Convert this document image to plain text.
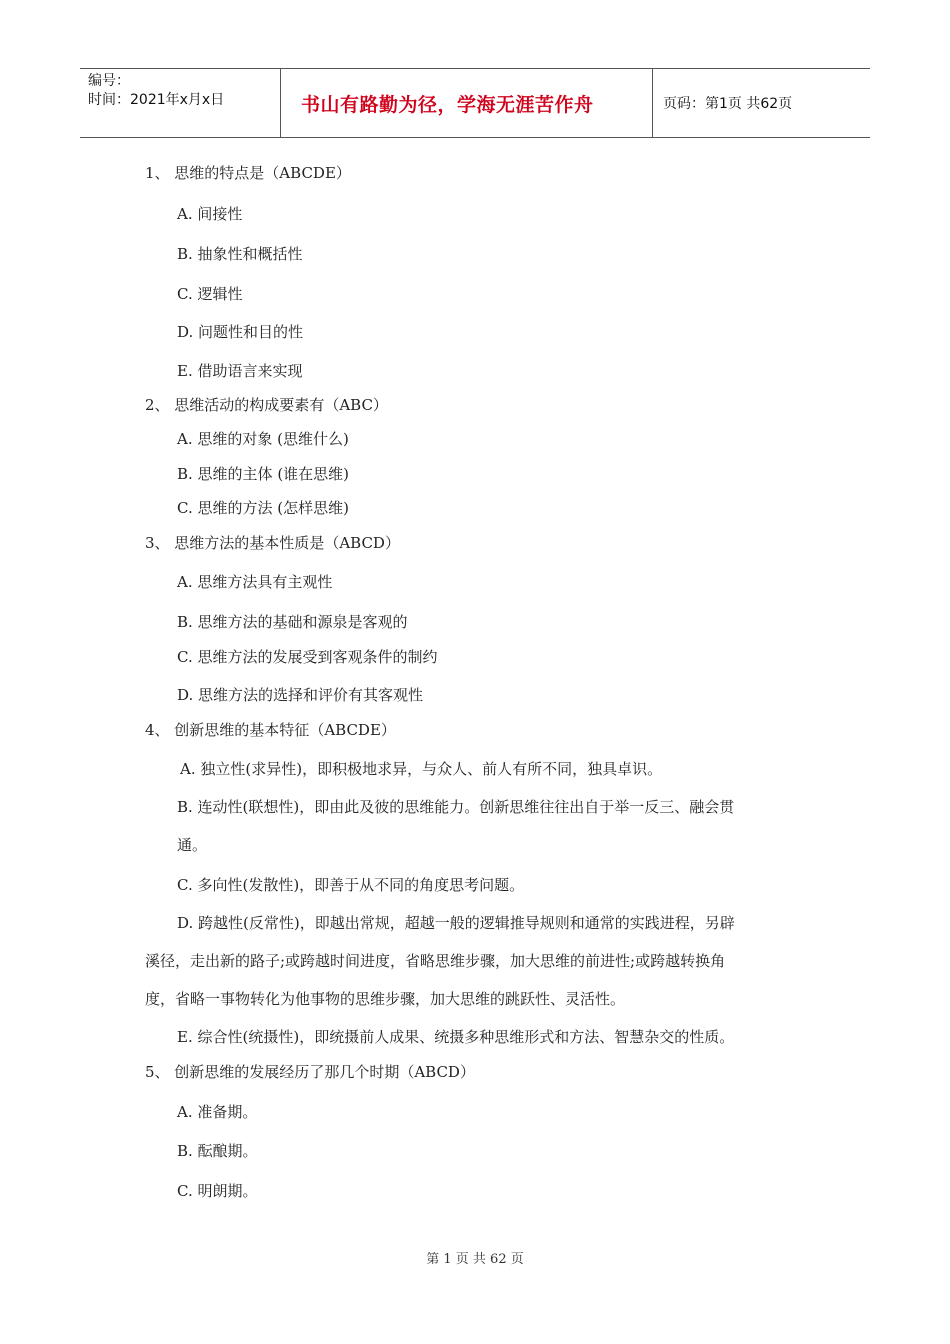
编号：
时间：2021年x月x日	书山有路勤为径，学海无涯苦作舟	页码：第1页 共62页
1、 思维的特点是（ABCDE）
A. 间接性
B. 抽象性和概括性
C. 逻辑性
D. 问题性和目的性
E. 借助语言来实现
2、 思维活动的构成要素有（ABC）
A. 思维的对象 (思维什么)
B. 思维的主体 (谁在思维)
C. 思维的方法 (怎样思维)
3、 思维方法的基本性质是（ABCD）
A. 思维方法具有主观性
B. 思维方法的基础和源泉是客观的
C. 思维方法的发展受到客观条件的制约
D. 思维方法的选择和评价有其客观性
4、 创新思维的基本特征（ABCDE）
A. 独立性(求异性)，即积极地求异，与众人、前人有所不同，独具卓识。
B. 连动性(联想性)，即由此及彼的思维能力。创新思维往往出自于举一反三、融会贯
通。
C. 多向性(发散性)，即善于从不同的角度思考问题。
D. 跨越性(反常性)，即越出常规，超越一般的逻辑推导规则和通常的实践进程，另辟
溪径，走出新的路子;或跨越时间进度，省略思维步骤，加大思维的前进性;或跨越转换角
度，省略一事物转化为他事物的思维步骤，加大思维的跳跃性、灵活性。
E. 综合性(统摄性)，即统摄前人成果、统摄多种思维形式和方法、智慧杂交的性质。
5、 创新思维的发展经历了那几个时期（ABCD）
A. 准备期。
B. 酝酿期。
C. 明朗期。
第 1 页 共 62 页
